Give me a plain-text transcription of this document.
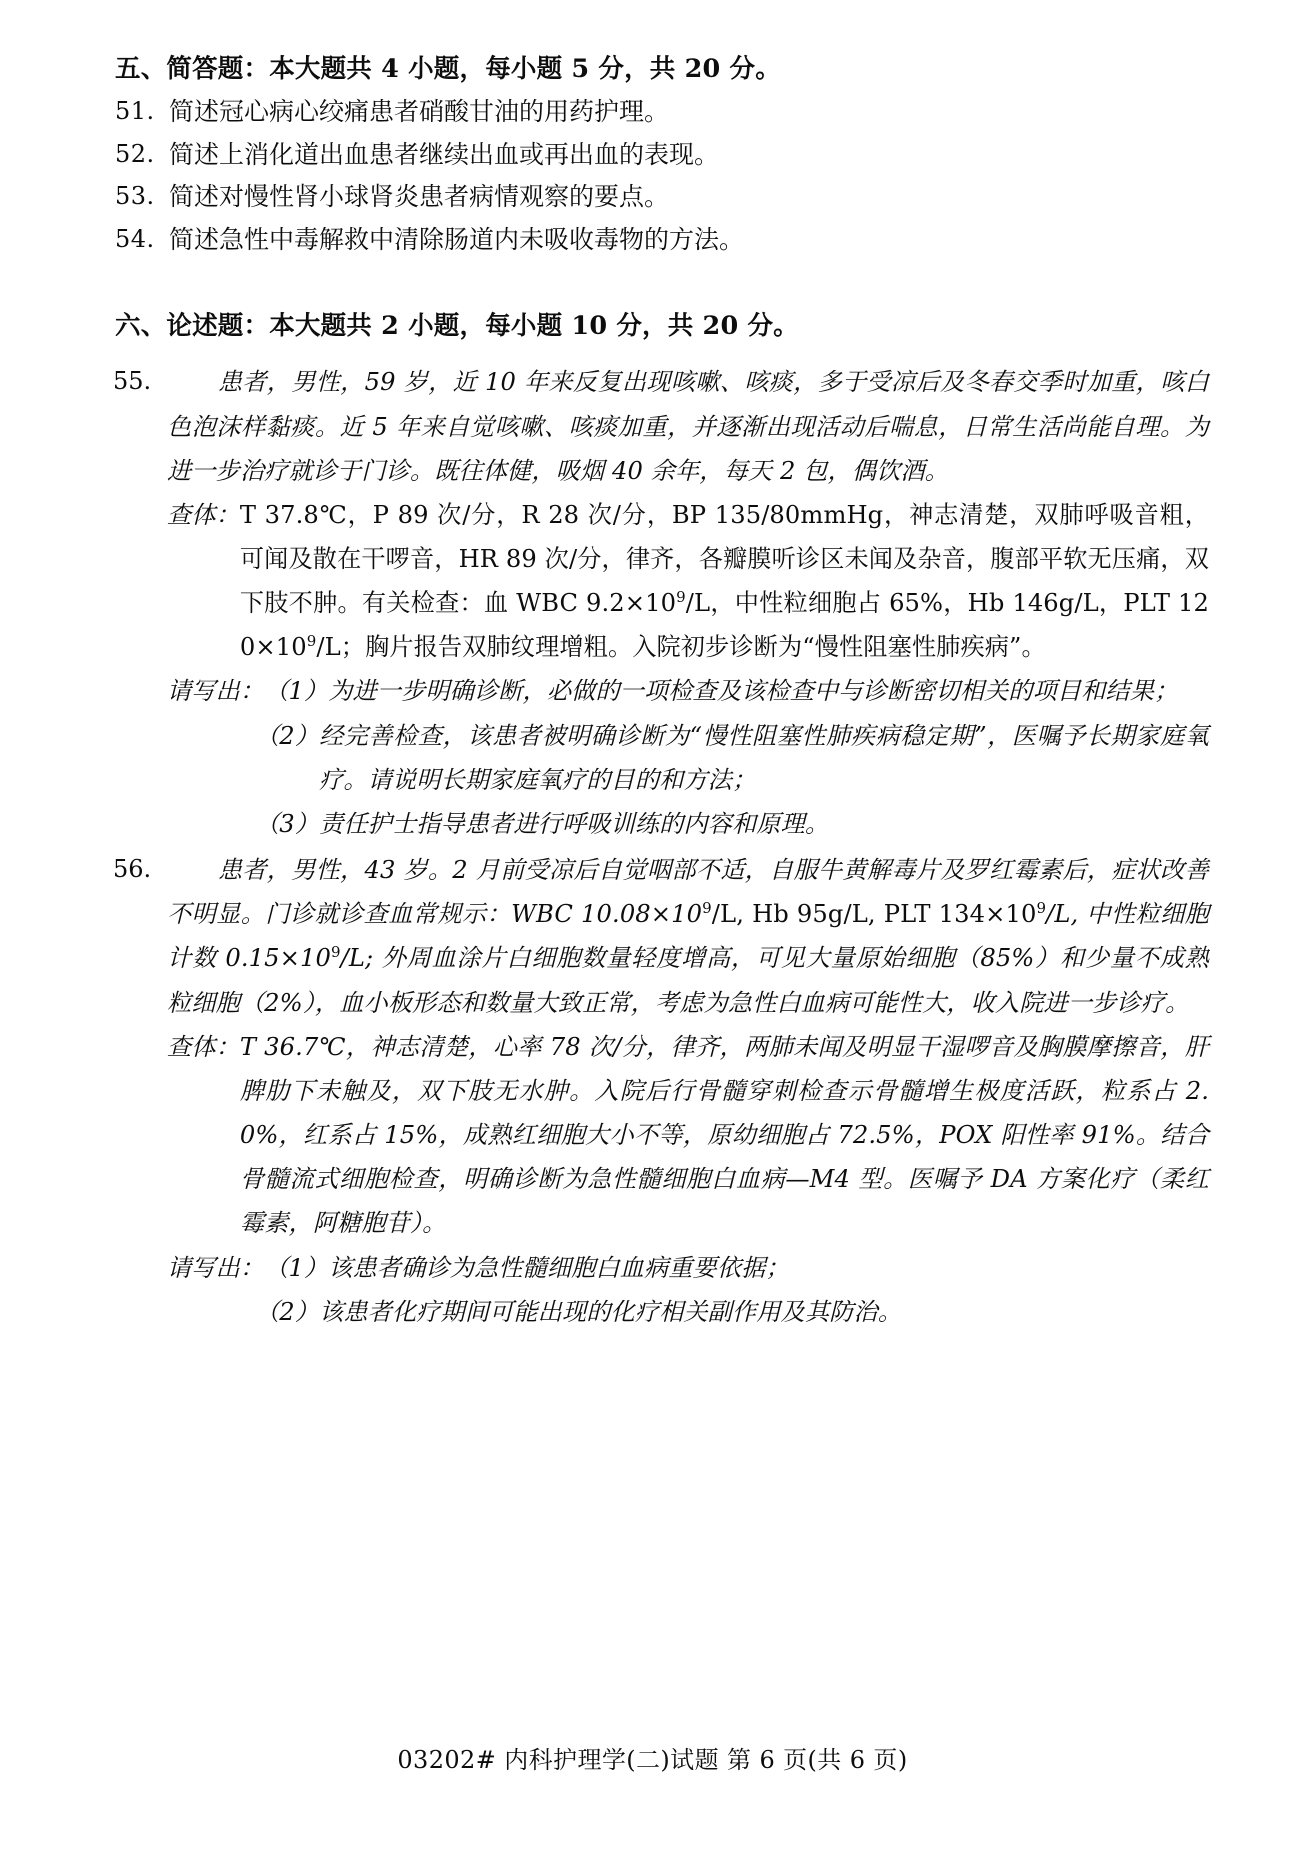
五、简答题：本大题共 4 小题，每小题 5 分，共 20 分。
51. 简述冠心病心绞痛患者硝酸甘油的用药护理。
52. 简述上消化道出血患者继续出血或再出血的表现。
53. 简述对慢性肾小球肾炎患者病情观察的要点。
54. 简述急性中毒解救中清除肠道内未吸收毒物的方法。
六、论述题：本大题共 2 小题，每小题 10 分，共 20 分。
55.	患者，男性，59 岁，近 10 年来反复出现咳嗽、咳痰，多于受凉后及冬春交季时加重，咳白色泡沫样黏痰。近 5 年来自觉咳嗽、咳痰加重，并逐渐出现活动后喘息，日常生活尚能自理。为进一步治疗就诊于门诊。既往体健，吸烟 40 余年，每天 2 包，偶饮酒。
查体： T 37.8℃，P 89 次/分，R 28 次/分，BP 135/80mmHg，神志清楚，双肺呼吸音粗，可闻及散在干啰音，HR 89 次/分，律齐，各瓣膜听诊区未闻及杂音，腹部平软无压痛，双下肢不肿。有关检查：血 WBC $9.2\times 10^9/L$，中性粒细胞占 65%，Hb 146g/L，PLT $120\times 10^9/L$；胸片报告双肺纹理增粗。入院初步诊断为“慢性阻塞性肺疾病”。
请写出： （1）为进一步明确诊断，必做的一项检查及该检查中与诊断密切相关的项目和结果；
（2） 经完善检查，该患者被明确诊断为“慢性阻塞性肺疾病稳定期”，医嘱予长期家庭氧疗。请说明长期家庭氧疗的目的和方法；
（3） 责任护士指导患者进行呼吸训练的内容和原理。
56.	患者，男性，43 岁。2 月前受凉后自觉咽部不适，自服牛黄解毒片及罗红霉素后，症状改善不明显。门诊就诊查血常规示：WBC $10.08\times 10^9/L$, Hb 95g/L, PLT $134\times 10^9/L$, 中性粒细胞计数 $0.15\times 10^9/L$; 外周血涂片白细胞数量轻度增高，可见大量原始细胞（85%）和少量不成熟粒细胞（2%），血小板形态和数量大致正常，考虑为急性白血病可能性大，收入院进一步诊疗。
查体： T 36.7℃，神志清楚，心率 78 次/分，律齐，两肺未闻及明显干湿啰音及胸膜摩擦音，肝脾肋下未触及，双下肢无水肿。入院后行骨髓穿刺检查示骨髓增生极度活跃，粒系占 2.0%，红系占 15%，成熟红细胞大小不等，原幼细胞占 72.5%，POX 阳性率 91%。结合骨髓流式细胞检查，明确诊断为急性髓细胞白血病—M4 型。医嘱予 DA 方案化疗（柔红霉素，阿糖胞苷）。
请写出： （1）该患者确诊为急性髓细胞白血病重要依据；
（2） 该患者化疗期间可能出现的化疗相关副作用及其防治。
03202# 内科护理学(二)试题 第 6 页(共 6 页)
